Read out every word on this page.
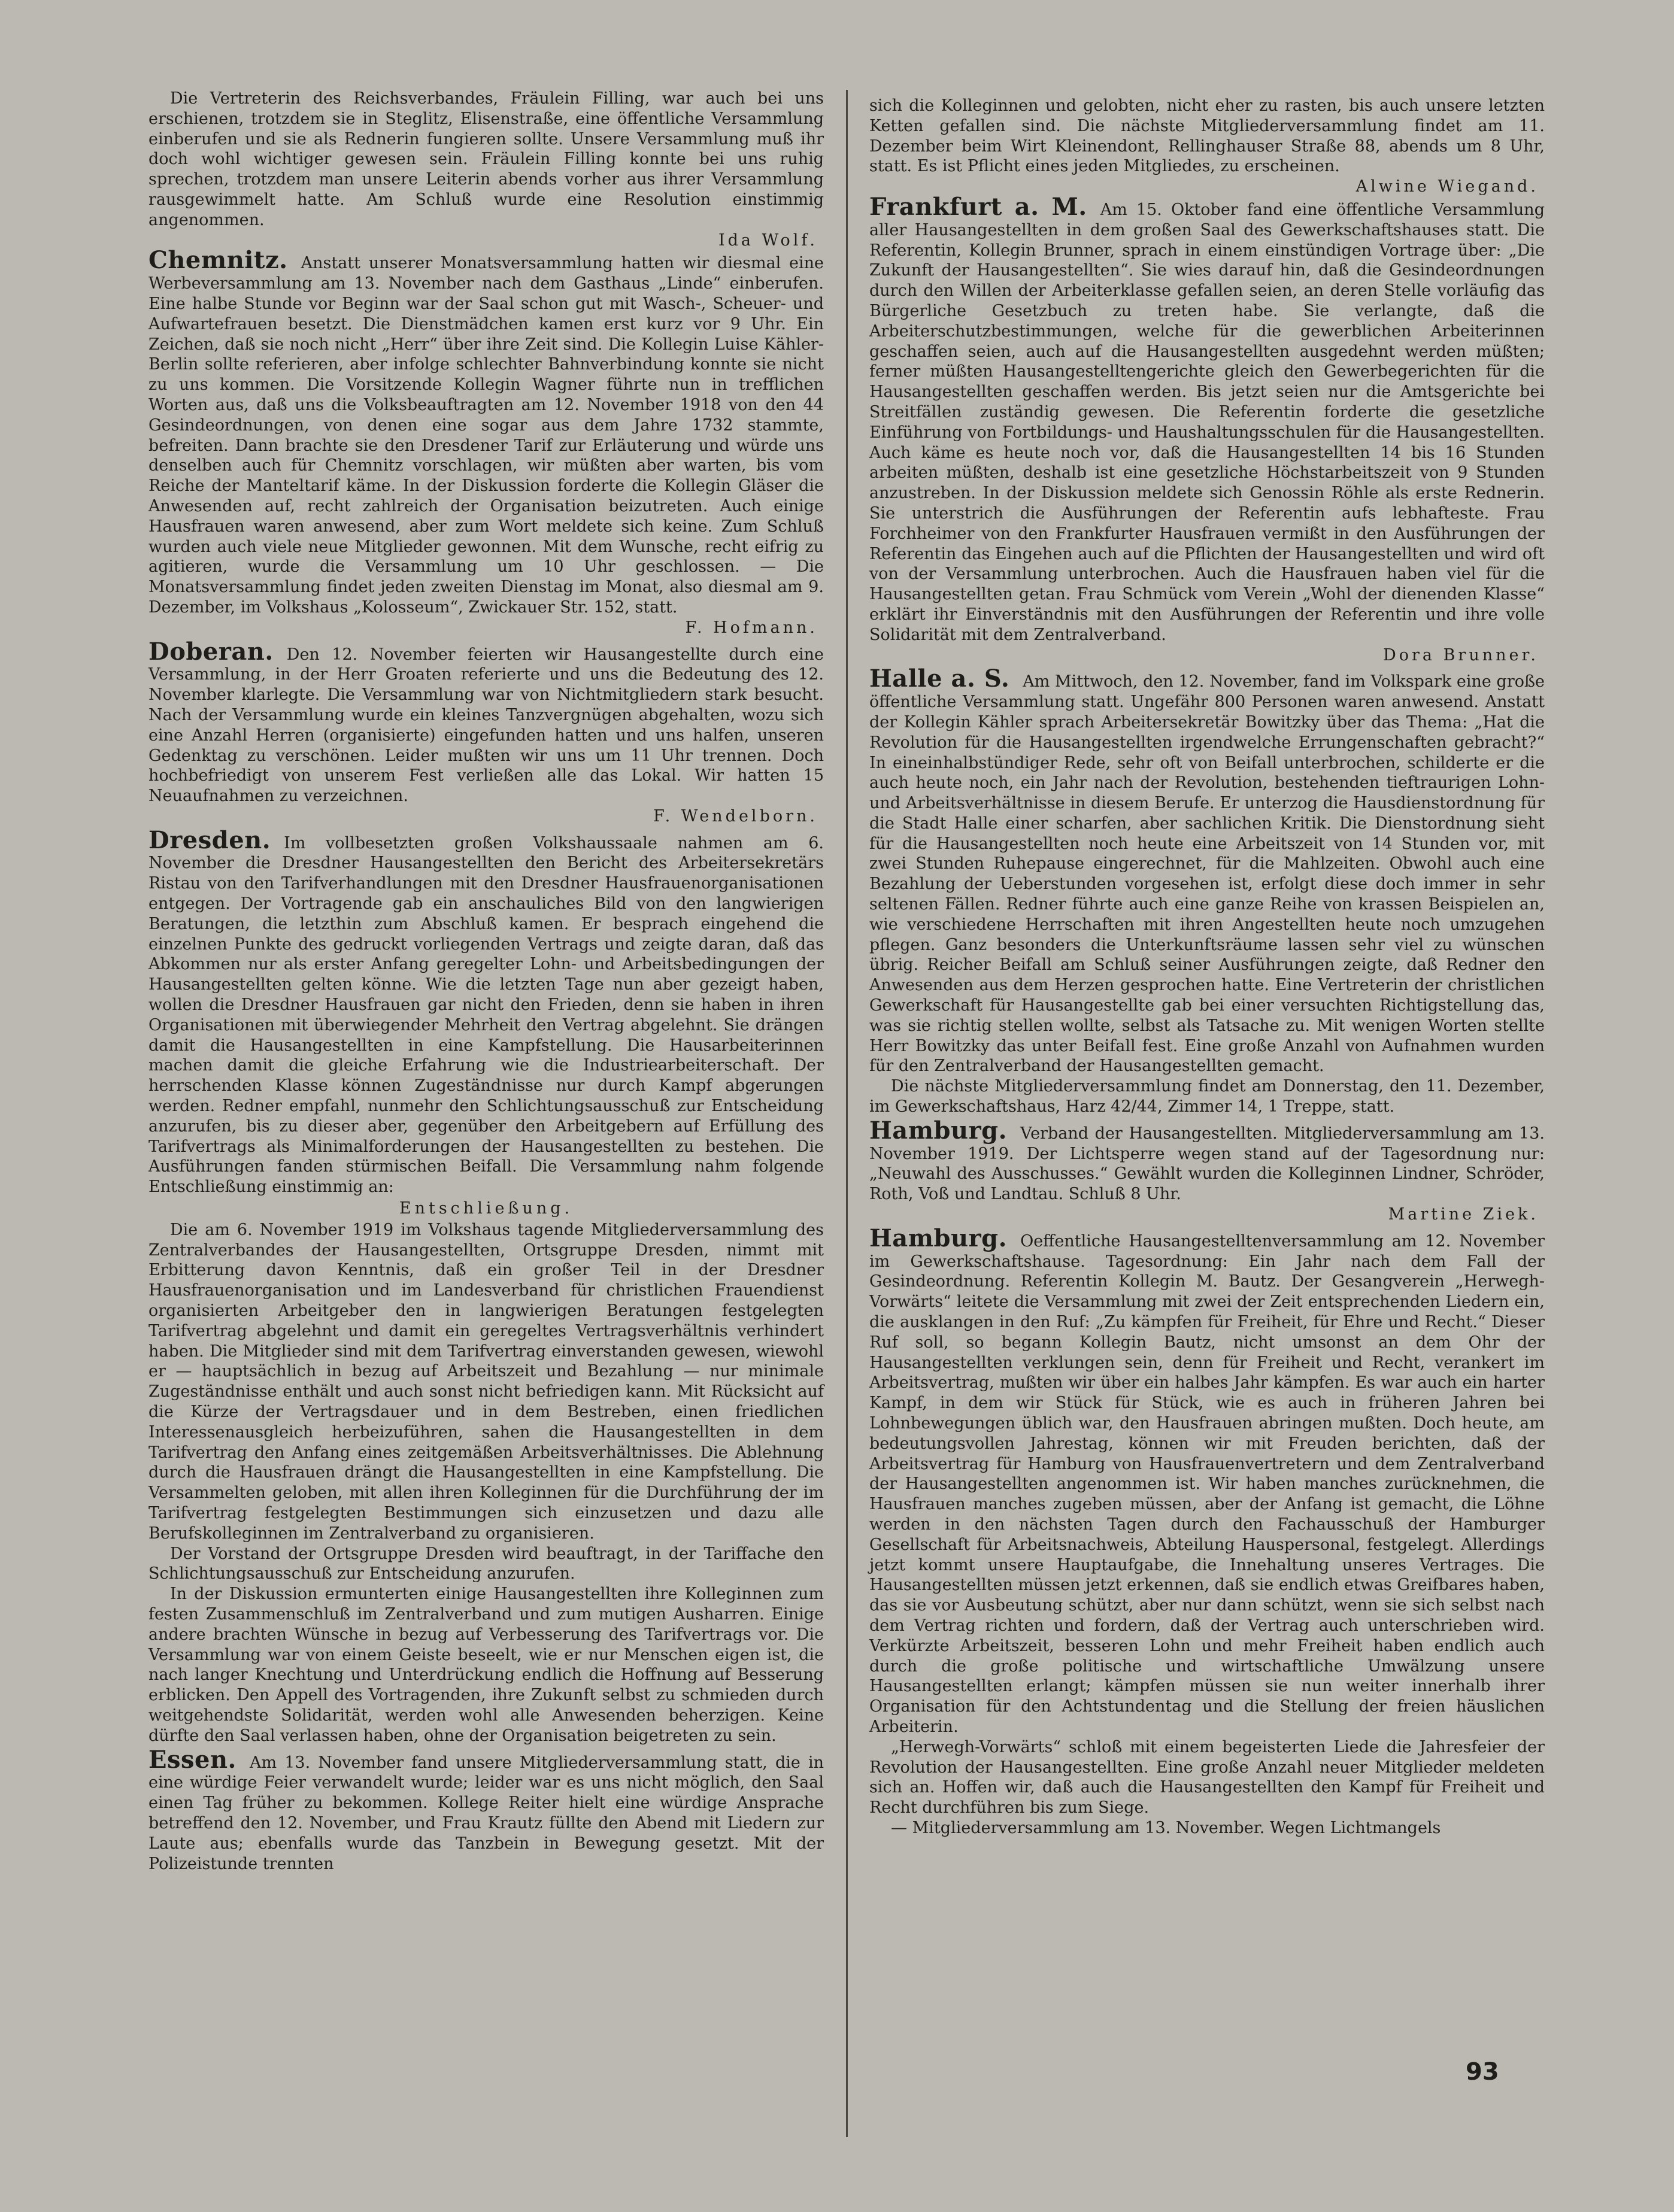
Die Vertreterin des Reichsverbandes, Fräulein Filling, war auch bei uns erschienen, trotzdem sie in Steglitz, Elisenstraße, eine öffentliche Versammlung einberufen und sie als Rednerin fungieren sollte. Unsere Versammlung muß ihr doch wohl wichtiger gewesen sein. Fräulein Filling konnte bei uns ruhig sprechen, trotzdem man unsere Leiterin abends vorher aus ihrer Versammlung rausgewimmelt hatte. Am Schluß wurde eine Resolution einstimmig angenommen.

Ida Wolf.

Chemnitz. Anstatt unserer Monatsversammlung hatten wir diesmal eine Werbeversammlung am 13. November nach dem Gasthaus „Linde“ einberufen. Eine halbe Stunde vor Beginn war der Saal schon gut mit Wasch-, Scheuer- und Aufwartefrauen besetzt. Die Dienstmädchen kamen erst kurz vor 9 Uhr. Ein Zeichen, daß sie noch nicht „Herr“ über ihre Zeit sind. Die Kollegin Luise Kähler-Berlin sollte referieren, aber infolge schlechter Bahnverbindung konnte sie nicht zu uns kommen. Die Vorsitzende Kollegin Wagner führte nun in trefflichen Worten aus, daß uns die Volksbeauftragten am 12. November 1918 von den 44 Gesindeordnungen, von denen eine sogar aus dem Jahre 1732 stammte, befreiten. Dann brachte sie den Dresdener Tarif zur Erläuterung und würde uns denselben auch für Chemnitz vorschlagen, wir müßten aber warten, bis vom Reiche der Manteltarif käme. In der Diskussion forderte die Kollegin Gläser die Anwesenden auf, recht zahlreich der Organisation beizutreten. Auch einige Hausfrauen waren anwesend, aber zum Wort meldete sich keine. Zum Schluß wurden auch viele neue Mitglieder gewonnen. Mit dem Wunsche, recht eifrig zu agitieren, wurde die Versammlung um 10 Uhr geschlossen. — Die Monatsversammlung findet jeden zweiten Dienstag im Monat, also diesmal am 9. Dezember, im Volkshaus „Kolosseum“, Zwickauer Str. 152, statt.

F. Hofmann.

Doberan. Den 12. November feierten wir Hausangestellte durch eine Versammlung, in der Herr Groaten referierte und uns die Bedeutung des 12. November klarlegte. Die Versammlung war von Nichtmitgliedern stark besucht. Nach der Versammlung wurde ein kleines Tanzvergnügen abgehalten, wozu sich eine Anzahl Herren (organisierte) eingefunden hatten und uns halfen, unseren Gedenktag zu verschönen. Leider mußten wir uns um 11 Uhr trennen. Doch hochbefriedigt von unserem Fest verließen alle das Lokal. Wir hatten 15 Neuaufnahmen zu verzeichnen.

F. Wendelborn.

Dresden. Im vollbesetzten großen Volkshaussaale nahmen am 6. November die Dresdner Hausangestellten den Bericht des Arbeitersekretärs Ristau von den Tarifverhandlungen mit den Dresdner Hausfrauenorganisationen entgegen. Der Vortragende gab ein anschauliches Bild von den langwierigen Beratungen, die letzthin zum Abschluß kamen. Er besprach eingehend die einzelnen Punkte des gedruckt vorliegenden Vertrags und zeigte daran, daß das Abkommen nur als erster Anfang geregelter Lohn- und Arbeitsbedingungen der Hausangestellten gelten könne. Wie die letzten Tage nun aber gezeigt haben, wollen die Dresdner Hausfrauen gar nicht den Frieden, denn sie haben in ihren Organisationen mit überwiegender Mehrheit den Vertrag abgelehnt. Sie drängen damit die Hausangestellten in eine Kampfstellung. Die Hausarbeiterinnen machen damit die gleiche Erfahrung wie die Industriearbeiterschaft. Der herrschenden Klasse können Zugeständnisse nur durch Kampf abgerungen werden. Redner empfahl, nunmehr den Schlichtungsausschuß zur Entscheidung anzurufen, bis zu dieser aber, gegenüber den Arbeitgebern auf Erfüllung des Tarifvertrags als Minimalforderungen der Hausangestellten zu bestehen. Die Ausführungen fanden stürmischen Beifall. Die Versammlung nahm folgende Entschließung einstimmig an:

Entschließung.

Die am 6. November 1919 im Volkshaus tagende Mitgliederversammlung des Zentralverbandes der Hausangestellten, Ortsgruppe Dresden, nimmt mit Erbitterung davon Kenntnis, daß ein großer Teil in der Dresdner Hausfrauenorganisation und im Landesverband für christlichen Frauendienst organisierten Arbeitgeber den in langwierigen Beratungen festgelegten Tarifvertrag abgelehnt und damit ein geregeltes Vertragsverhältnis verhindert haben. Die Mitglieder sind mit dem Tarifvertrag einverstanden gewesen, wiewohl er — hauptsächlich in bezug auf Arbeitszeit und Bezahlung — nur minimale Zugeständnisse enthält und auch sonst nicht befriedigen kann. Mit Rücksicht auf die Kürze der Vertragsdauer und in dem Bestreben, einen friedlichen Interessenausgleich herbeizuführen, sahen die Hausangestellten in dem Tarifvertrag den Anfang eines zeitgemäßen Arbeitsverhältnisses. Die Ablehnung durch die Hausfrauen drängt die Hausangestellten in eine Kampfstellung. Die Versammelten geloben, mit allen ihren Kolleginnen für die Durchführung der im Tarifvertrag festgelegten Bestimmungen sich einzusetzen und dazu alle Berufskolleginnen im Zentralverband zu organisieren.

Der Vorstand der Ortsgruppe Dresden wird beauftragt, in der Tariffache den Schlichtungsausschuß zur Entscheidung anzurufen.

In der Diskussion ermunterten einige Hausangestellten ihre Kolleginnen zum festen Zusammenschluß im Zentralverband und zum mutigen Ausharren. Einige andere brachten Wünsche in bezug auf Verbesserung des Tarifvertrags vor. Die Versammlung war von einem Geiste beseelt, wie er nur Menschen eigen ist, die nach langer Knechtung und Unterdrückung endlich die Hoffnung auf Besserung erblicken. Den Appell des Vortragenden, ihre Zukunft selbst zu schmieden durch weitgehendste Solidarität, werden wohl alle Anwesenden beherzigen. Keine dürfte den Saal verlassen haben, ohne der Organisation beigetreten zu sein.

Essen. Am 13. November fand unsere Mitgliederversammlung statt, die in eine würdige Feier verwandelt wurde; leider war es uns nicht möglich, den Saal einen Tag früher zu bekommen. Kollege Reiter hielt eine würdige Ansprache betreffend den 12. November, und Frau Krautz füllte den Abend mit Liedern zur Laute aus; ebenfalls wurde das Tanzbein in Bewegung gesetzt. Mit der Polizeistunde trennten

sich die Kolleginnen und gelobten, nicht eher zu rasten, bis auch unsere letzten Ketten gefallen sind. Die nächste Mitgliederversammlung findet am 11. Dezember beim Wirt Kleinendont, Rellinghauser Straße 88, abends um 8 Uhr, statt. Es ist Pflicht eines jeden Mitgliedes, zu erscheinen.

Alwine Wiegand.

Frankfurt a. M. Am 15. Oktober fand eine öffentliche Versammlung aller Hausangestellten in dem großen Saal des Gewerkschaftshauses statt. Die Referentin, Kollegin Brunner, sprach in einem einstündigen Vortrage über: „Die Zukunft der Hausangestellten“. Sie wies darauf hin, daß die Gesindeordnungen durch den Willen der Arbeiterklasse gefallen seien, an deren Stelle vorläufig das Bürgerliche Gesetzbuch zu treten habe. Sie verlangte, daß die Arbeiterschutzbestimmungen, welche für die gewerblichen Arbeiterinnen geschaffen seien, auch auf die Hausangestellten ausgedehnt werden müßten; ferner müßten Hausangestelltengerichte gleich den Gewerbegerichten für die Hausangestellten geschaffen werden. Bis jetzt seien nur die Amtsgerichte bei Streitfällen zuständig gewesen. Die Referentin forderte die gesetzliche Einführung von Fortbildungs- und Haushaltungsschulen für die Hausangestellten. Auch käme es heute noch vor, daß die Hausangestellten 14 bis 16 Stunden arbeiten müßten, deshalb ist eine gesetzliche Höchstarbeitszeit von 9 Stunden anzustreben. In der Diskussion meldete sich Genossin Röhle als erste Rednerin. Sie unterstrich die Ausführungen der Referentin aufs lebhafteste. Frau Forchheimer von den Frankfurter Hausfrauen vermißt in den Ausführungen der Referentin das Eingehen auch auf die Pflichten der Hausangestellten und wird oft von der Versammlung unterbrochen. Auch die Hausfrauen haben viel für die Hausangestellten getan. Frau Schmück vom Verein „Wohl der dienenden Klasse“ erklärt ihr Einverständnis mit den Ausführungen der Referentin und ihre volle Solidarität mit dem Zentralverband.

Dora Brunner.

Halle a. S. Am Mittwoch, den 12. November, fand im Volkspark eine große öffentliche Versammlung statt. Ungefähr 800 Personen waren anwesend. Anstatt der Kollegin Kähler sprach Arbeitersekretär Bowitzky über das Thema: „Hat die Revolution für die Hausangestellten irgendwelche Errungenschaften gebracht?“ In eineinhalbstündiger Rede, sehr oft von Beifall unterbrochen, schilderte er die auch heute noch, ein Jahr nach der Revolution, bestehenden tieftraurigen Lohn- und Arbeitsverhältnisse in diesem Berufe. Er unterzog die Hausdienstordnung für die Stadt Halle einer scharfen, aber sachlichen Kritik. Die Dienstordnung sieht für die Hausangestellten noch heute eine Arbeitszeit von 14 Stunden vor, mit zwei Stunden Ruhepause eingerechnet, für die Mahlzeiten. Obwohl auch eine Bezahlung der Ueberstunden vorgesehen ist, erfolgt diese doch immer in sehr seltenen Fällen. Redner führte auch eine ganze Reihe von krassen Beispielen an, wie verschiedene Herrschaften mit ihren Angestellten heute noch umzugehen pflegen. Ganz besonders die Unterkunftsräume lassen sehr viel zu wünschen übrig. Reicher Beifall am Schluß seiner Ausführungen zeigte, daß Redner den Anwesenden aus dem Herzen gesprochen hatte. Eine Vertreterin der christlichen Gewerkschaft für Hausangestellte gab bei einer versuchten Richtigstellung das, was sie richtig stellen wollte, selbst als Tatsache zu. Mit wenigen Worten stellte Herr Bowitzky das unter Beifall fest. Eine große Anzahl von Aufnahmen wurden für den Zentralverband der Hausangestellten gemacht.

Die nächste Mitgliederversammlung findet am Donnerstag, den 11. Dezember, im Gewerkschaftshaus, Harz 42/44, Zimmer 14, 1 Treppe, statt.

Hamburg. Verband der Hausangestellten. Mitgliederversammlung am 13. November 1919. Der Lichtsperre wegen stand auf der Tagesordnung nur: „Neuwahl des Ausschusses.“ Gewählt wurden die Kolleginnen Lindner, Schröder, Roth, Voß und Landtau. Schluß 8 Uhr.

Martine Ziek.

Hamburg. Oeffentliche Hausangestelltenversammlung am 12. November im Gewerkschaftshause. Tagesordnung: Ein Jahr nach dem Fall der Gesindeordnung. Referentin Kollegin M. Bautz. Der Gesangverein „Herwegh-Vorwärts“ leitete die Versammlung mit zwei der Zeit entsprechenden Liedern ein, die ausklangen in den Ruf: „Zu kämpfen für Freiheit, für Ehre und Recht.“ Dieser Ruf soll, so begann Kollegin Bautz, nicht umsonst an dem Ohr der Hausangestellten verklungen sein, denn für Freiheit und Recht, verankert im Arbeitsvertrag, mußten wir über ein halbes Jahr kämpfen. Es war auch ein harter Kampf, in dem wir Stück für Stück, wie es auch in früheren Jahren bei Lohnbewegungen üblich war, den Hausfrauen abringen mußten. Doch heute, am bedeutungsvollen Jahrestag, können wir mit Freuden berichten, daß der Arbeitsvertrag für Hamburg von Hausfrauenvertretern und dem Zentralverband der Hausangestellten angenommen ist. Wir haben manches zurücknehmen, die Hausfrauen manches zugeben müssen, aber der Anfang ist gemacht, die Löhne werden in den nächsten Tagen durch den Fachausschuß der Hamburger Gesellschaft für Arbeitsnachweis, Abteilung Hauspersonal, festgelegt. Allerdings jetzt kommt unsere Hauptaufgabe, die Innehaltung unseres Vertrages. Die Hausangestellten müssen jetzt erkennen, daß sie endlich etwas Greifbares haben, das sie vor Ausbeutung schützt, aber nur dann schützt, wenn sie sich selbst nach dem Vertrag richten und fordern, daß der Vertrag auch unterschrieben wird. Verkürzte Arbeitszeit, besseren Lohn und mehr Freiheit haben endlich auch durch die große politische und wirtschaftliche Umwälzung unsere Hausangestellten erlangt; kämpfen müssen sie nun weiter innerhalb ihrer Organisation für den Achtstundentag und die Stellung der freien häuslichen Arbeiterin.

„Herwegh-Vorwärts“ schloß mit einem begeisterten Liede die Jahresfeier der Revolution der Hausangestellten. Eine große Anzahl neuer Mitglieder meldeten sich an. Hoffen wir, daß auch die Hausangestellten den Kampf für Freiheit und Recht durchführen bis zum Siege.

— Mitgliederversammlung am 13. November. Wegen Lichtmangels

93
